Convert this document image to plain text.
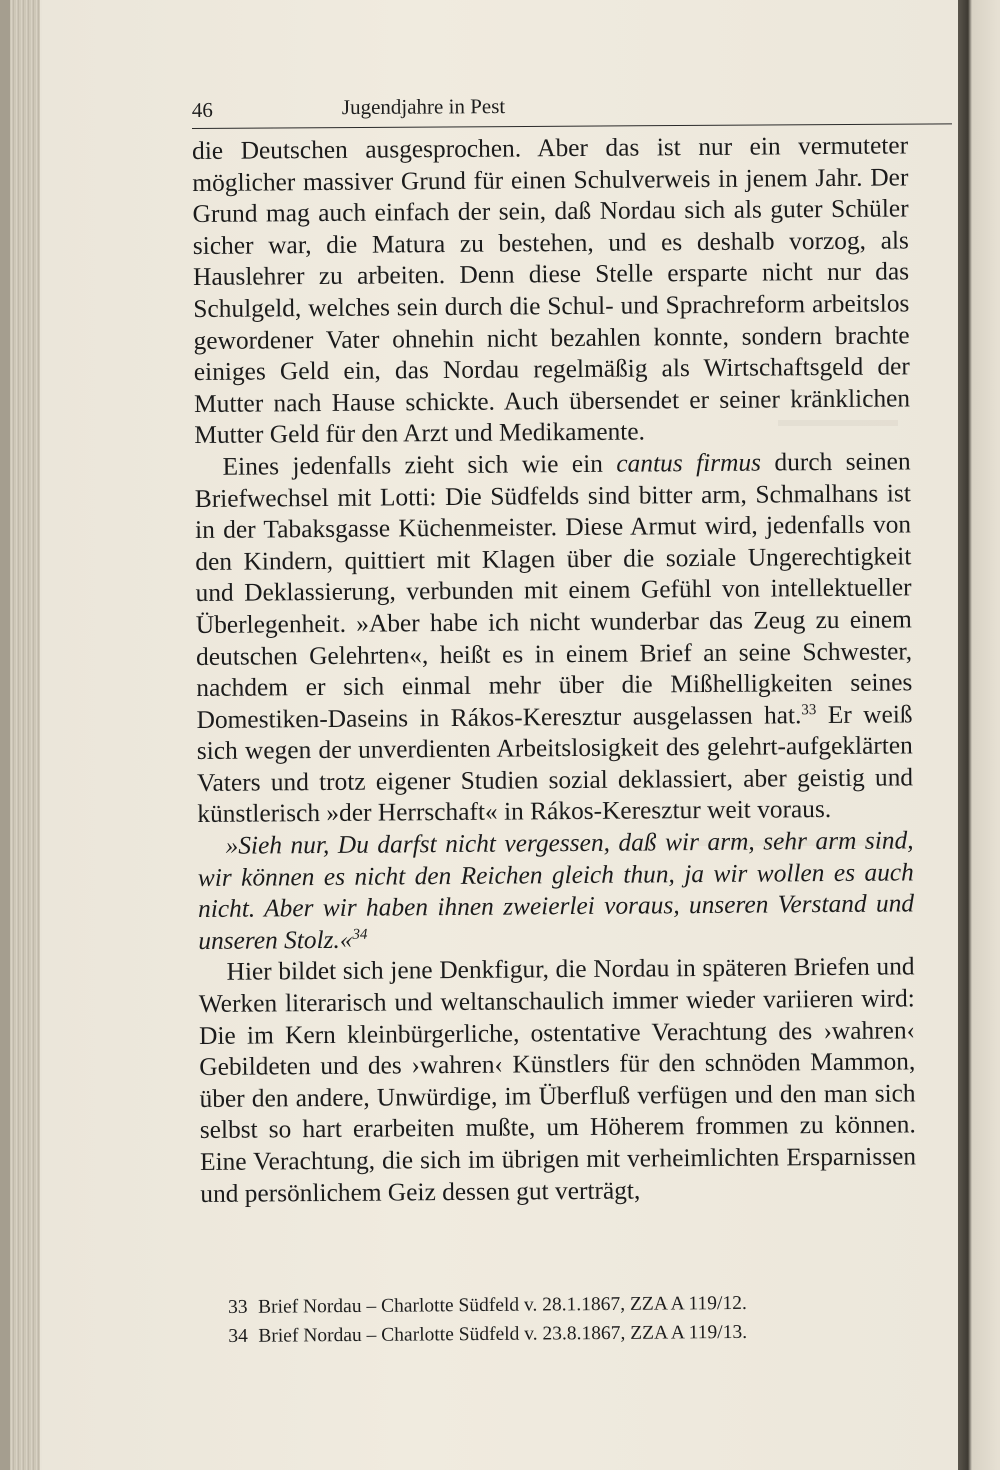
46	Jugendjahre in Pest

die Deutschen ausgesprochen. Aber das ist nur ein vermuteter möglicher massiver Grund für einen Schulverweis in jenem Jahr. Der Grund mag auch einfach der sein, daß Nordau sich als guter Schüler sicher war, die Matura zu bestehen, und es deshalb vorzog, als Hauslehrer zu arbeiten. Denn diese Stelle ersparte nicht nur das Schulgeld, welches sein durch die Schul- und Sprachreform arbeitslos gewordener Vater ohnehin nicht bezahlen konnte, sondern brachte einiges Geld ein, das Nordau regelmäßig als Wirtschaftsgeld der Mutter nach Hause schickte. Auch übersendet er seiner kränklichen Mutter Geld für den Arzt und Medikamente.

Eines jedenfalls zieht sich wie ein cantus firmus durch seinen Briefwechsel mit Lotti: Die Südfelds sind bitter arm, Schmalhans ist in der Tabaksgasse Küchenmeister. Diese Armut wird, jedenfalls von den Kindern, quittiert mit Klagen über die soziale Ungerechtigkeit und Deklassierung, verbunden mit einem Gefühl von intellektueller Überlegenheit. »Aber habe ich nicht wunderbar das Zeug zu einem deutschen Gelehrten«, heißt es in einem Brief an seine Schwester, nachdem er sich einmal mehr über die Mißhelligkeiten seines Domestiken-Daseins in Rákos-Keresztur ausgelassen hat.$^{33}$ Er weiß sich wegen der unverdienten Arbeitslosigkeit des gelehrt-aufgeklärten Vaters und trotz eigener Studien sozial deklassiert, aber geistig und künstlerisch »der Herrschaft« in Rákos-Keresztur weit voraus.

»Sieh nur, Du darfst nicht vergessen, daß wir arm, sehr arm sind, wir können es nicht den Reichen gleich thun, ja wir wollen es auch nicht. Aber wir haben ihnen zweierlei voraus, unseren Verstand und unseren Stolz.«$^{34}$

Hier bildet sich jene Denkfigur, die Nordau in späteren Briefen und Werken literarisch und weltanschaulich immer wieder variieren wird: Die im Kern kleinbürgerliche, ostentative Verachtung des ›wahren‹ Gebildeten und des ›wahren‹ Künstlers für den schnöden Mammon, über den andere, Unwürdige, im Überfluß verfügen und den man sich selbst so hart erarbeiten mußte, um Höherem frommen zu können. Eine Verachtung, die sich im übrigen mit verheimlichten Ersparnissen und persönlichem Geiz dessen gut verträgt,

33 Brief Nordau – Charlotte Südfeld v. 28.1.1867, ZZA A 119/12.
34 Brief Nordau – Charlotte Südfeld v. 23.8.1867, ZZA A 119/13.
